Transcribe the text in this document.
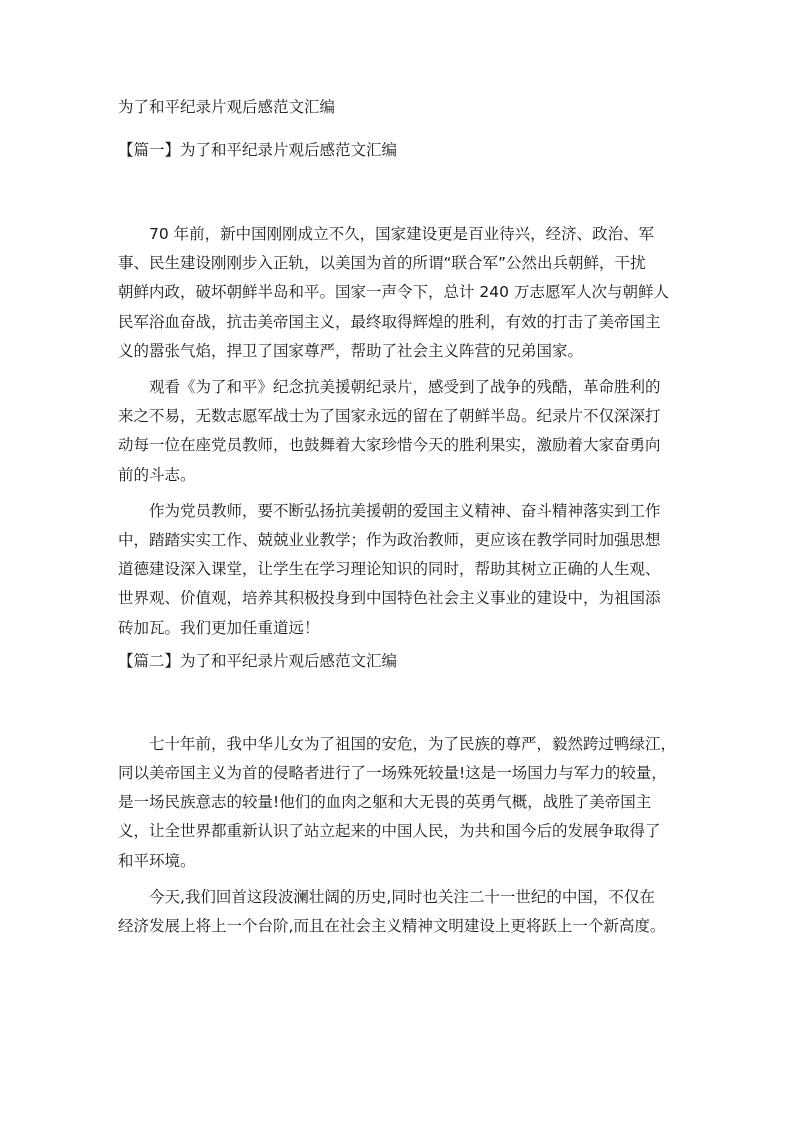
为了和平纪录片观后感范文汇编

【篇一】为了和平纪录片观后感范文汇编

70 年前，新中国刚刚成立不久，国家建设更是百业待兴，经济、政治、军
事、民生建设刚刚步入正轨，以美国为首的所谓“联合军”公然出兵朝鲜，干扰
朝鲜内政，破坏朝鲜半岛和平。国家一声令下，总计 240 万志愿军人次与朝鲜人
民军浴血奋战，抗击美帝国主义，最终取得辉煌的胜利，有效的打击了美帝国主
义的嚣张气焰，捍卫了国家尊严，帮助了社会主义阵营的兄弟国家。
观看《为了和平》纪念抗美援朝纪录片，感受到了战争的残酷，革命胜利的
来之不易，无数志愿军战士为了国家永远的留在了朝鲜半岛。纪录片不仅深深打
动每一位在座党员教师，也鼓舞着大家珍惜今天的胜利果实，激励着大家奋勇向
前的斗志。
作为党员教师，要不断弘扬抗美援朝的爱国主义精神、奋斗精神落实到工作
中，踏踏实实工作、兢兢业业教学；作为政治教师，更应该在教学同时加强思想
道德建设深入课堂，让学生在学习理论知识的同时，帮助其树立正确的人生观、
世界观、价值观，培养其积极投身到中国特色社会主义事业的建设中，为祖国添
砖加瓦。我们更加任重道远！

【篇二】为了和平纪录片观后感范文汇编

七十年前，我中华儿女为了祖国的安危，为了民族的尊严，毅然跨过鸭绿江，
同以美帝国主义为首的侵略者进行了一场殊死较量!这是一场国力与军力的较量，
是一场民族意志的较量!他们的血肉之躯和大无畏的英勇气概，战胜了美帝国主
义，让全世界都重新认识了站立起来的中国人民，为共和国今后的发展争取得了
和平环境。
今天,我们回首这段波澜壮阔的历史,同时也关注二十一世纪的中国，不仅在
经济发展上将上一个台阶,而且在社会主义精神文明建设上更将跃上一个新高度。
